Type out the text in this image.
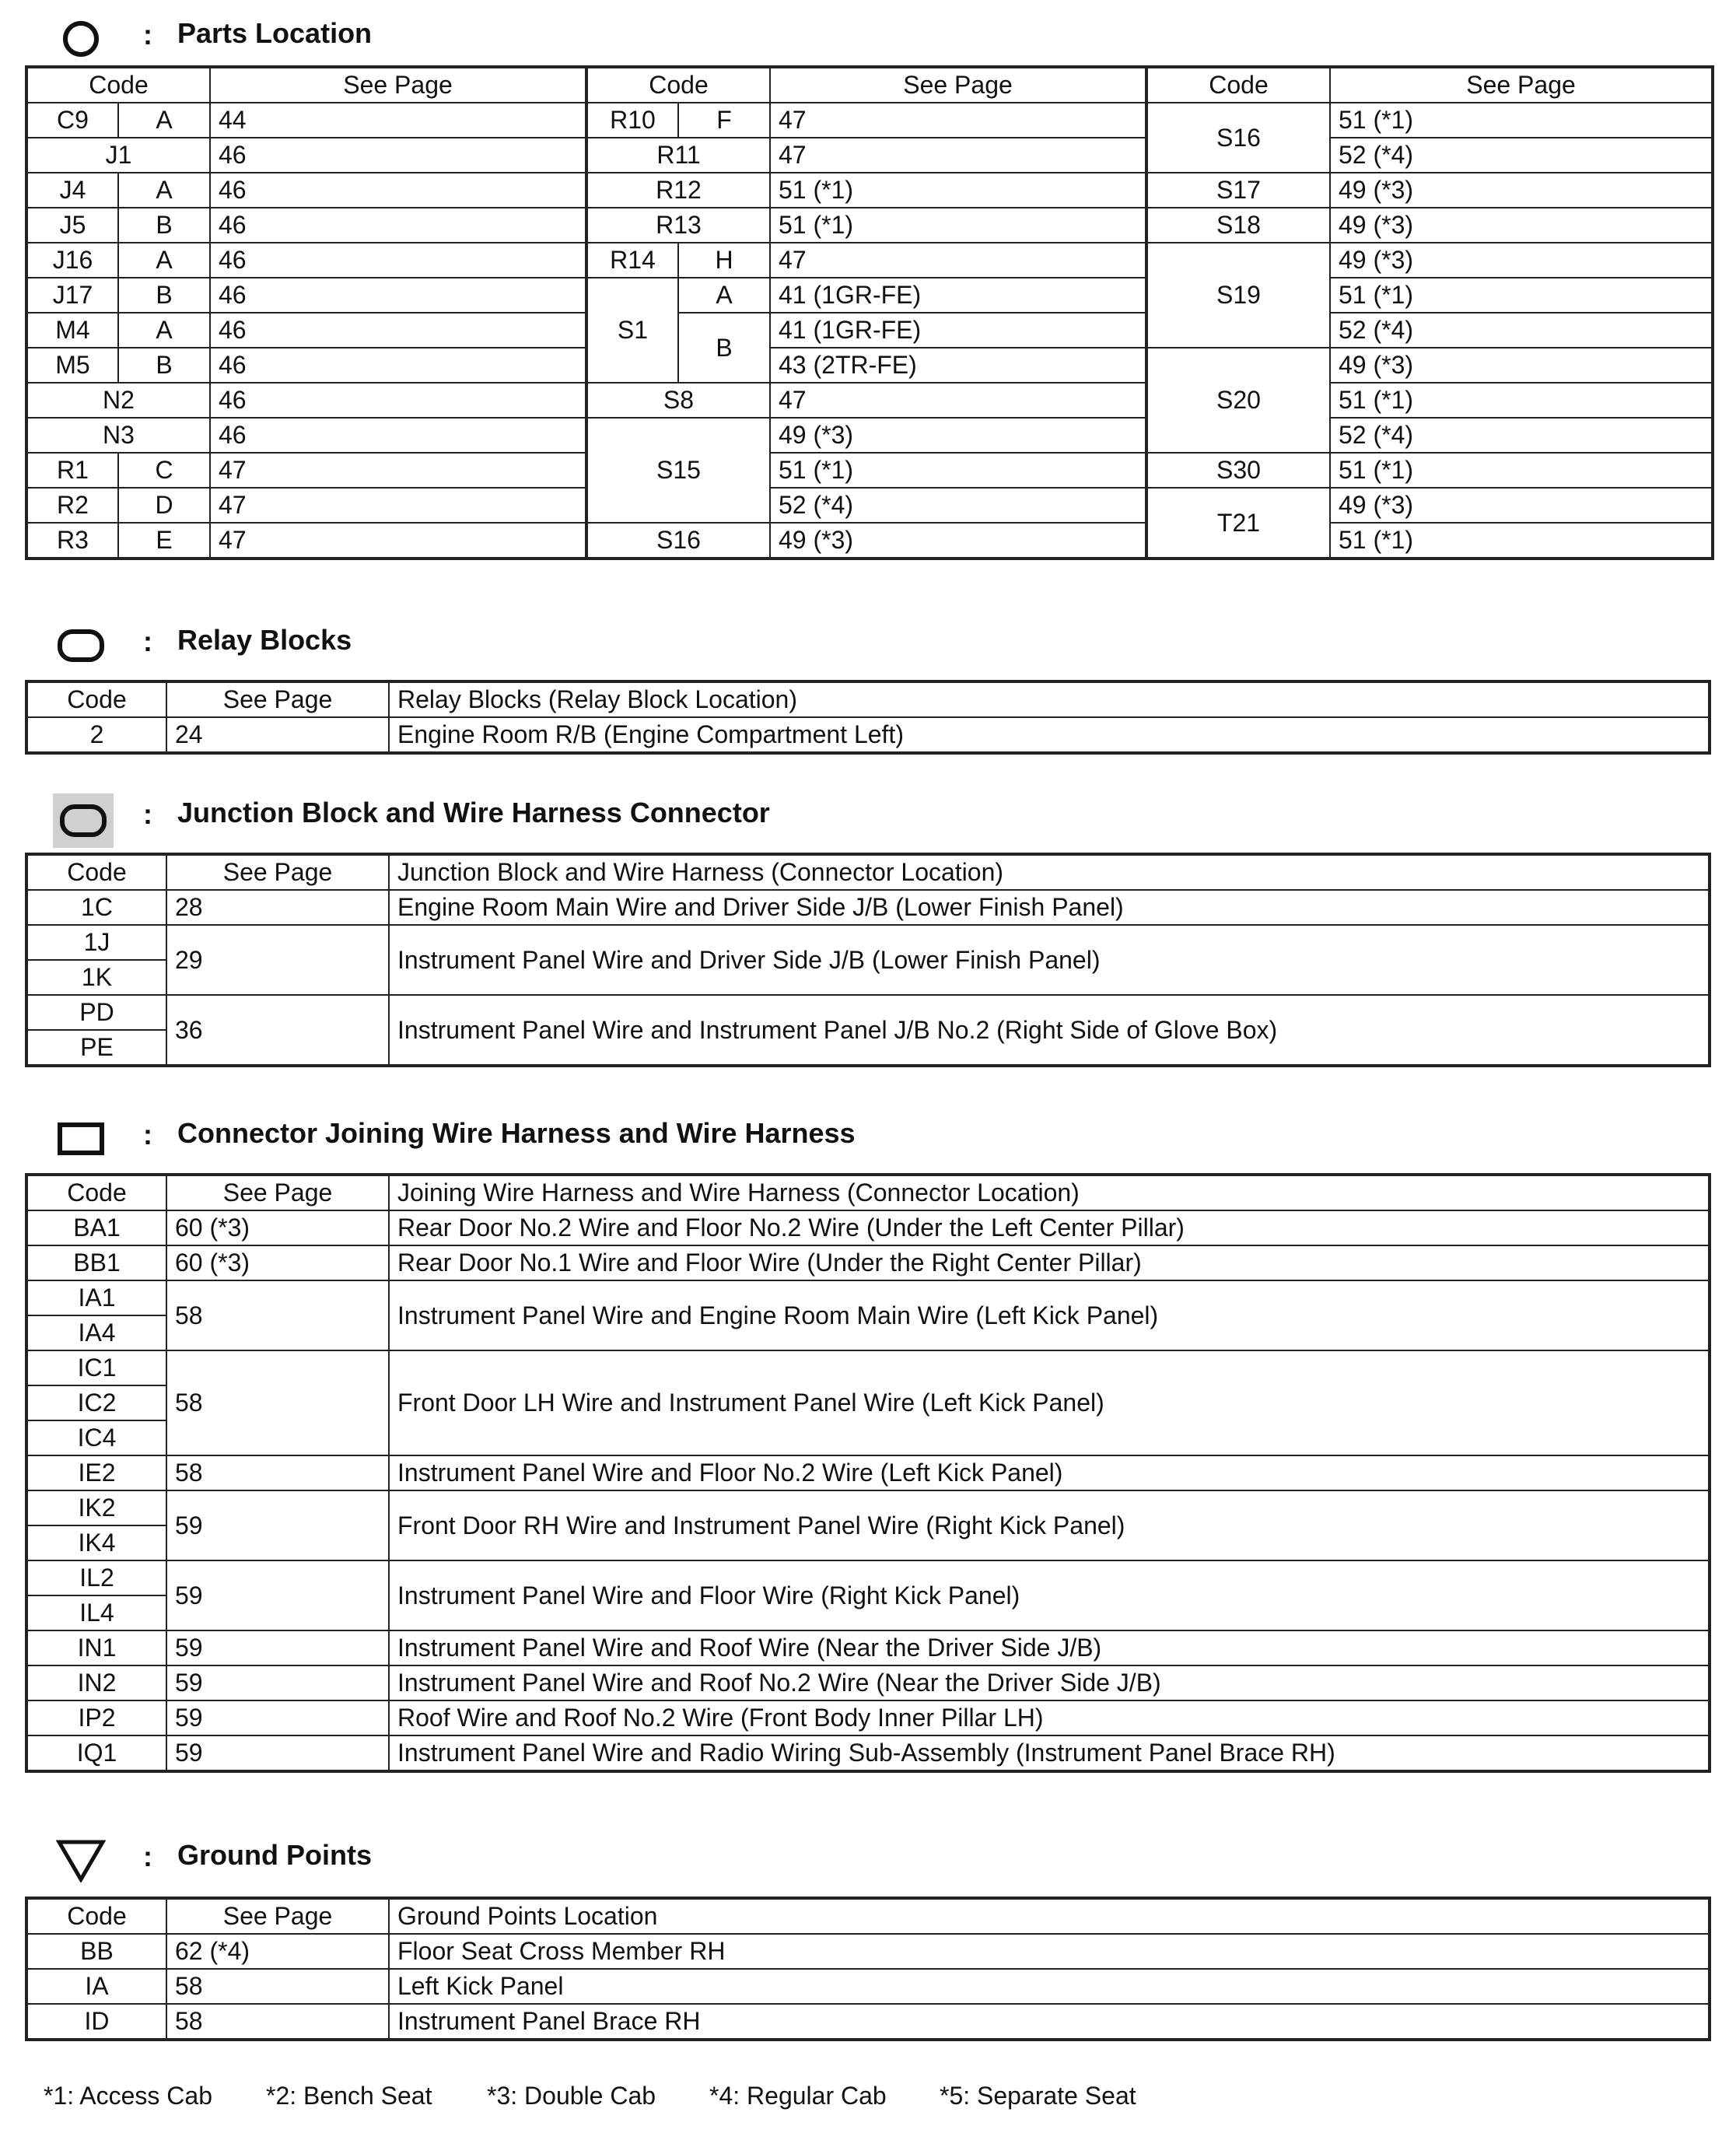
: Parts Location
Code		See Page	Code		See Page	Code	See Page
C9	A	44	R10	F	47	S16	51 (*1)
J1		46	R11		47		52 (*4)
J4	A	46	R12		51 (*1)	S17	49 (*3)
J5	B	46	R13		51 (*1)	S18	49 (*3)
J16	A	46	R14	H	47	S19	49 (*3)
J17	B	46	S1	A	41 (1GR-FE)		51 (*1)
M4	A	46		B	41 (1GR-FE)		52 (*4)
M5	B	46			43 (2TR-FE)	S20	49 (*3)
N2		46	S8		47		51 (*1)
N3		46	S15		49 (*3)		52 (*4)
R1	C	47			51 (*1)	S30	51 (*1)
R2	D	47			52 (*4)	T21	49 (*3)
R3	E	47	S16		49 (*3)		51 (*1)
: Relay Blocks
Code	See Page	Relay Blocks (Relay Block Location)
2	24	Engine Room R/B (Engine Compartment Left)
: Junction Block and Wire Harness Connector
Code	See Page	Junction Block and Wire Harness (Connector Location)
1C	28	Engine Room Main Wire and Driver Side J/B (Lower Finish Panel)
1J	29	Instrument Panel Wire and Driver Side J/B (Lower Finish Panel)
1K		
PD	36	Instrument Panel Wire and Instrument Panel J/B No.2 (Right Side of Glove Box)
PE		
: Connector Joining Wire Harness and Wire Harness
Code	See Page	Joining Wire Harness and Wire Harness (Connector Location)
BA1	60 (*3)	Rear Door No.2 Wire and Floor No.2 Wire (Under the Left Center Pillar)
BB1	60 (*3)	Rear Door No.1 Wire and Floor Wire (Under the Right Center Pillar)
IA1	58	Instrument Panel Wire and Engine Room Main Wire (Left Kick Panel)
IA4		
IC1	58	Front Door LH Wire and Instrument Panel Wire (Left Kick Panel)
IC2		
IC4		
IE2	58	Instrument Panel Wire and Floor No.2 Wire (Left Kick Panel)
IK2	59	Front Door RH Wire and Instrument Panel Wire (Right Kick Panel)
IK4		
IL2	59	Instrument Panel Wire and Floor Wire (Right Kick Panel)
IL4		
IN1	59	Instrument Panel Wire and Roof Wire (Near the Driver Side J/B)
IN2	59	Instrument Panel Wire and Roof No.2 Wire (Near the Driver Side J/B)
IP2	59	Roof Wire and Roof No.2 Wire (Front Body Inner Pillar LH)
IQ1	59	Instrument Panel Wire and Radio Wiring Sub-Assembly (Instrument Panel Brace RH)
: Ground Points
Code	See Page	Ground Points Location
BB	62 (*4)	Floor Seat Cross Member RH
IA	58	Left Kick Panel
ID	58	Instrument Panel Brace RH
*1: Access Cab	*2: Bench Seat	*3: Double Cab	*4: Regular Cab	*5: Separate Seat
